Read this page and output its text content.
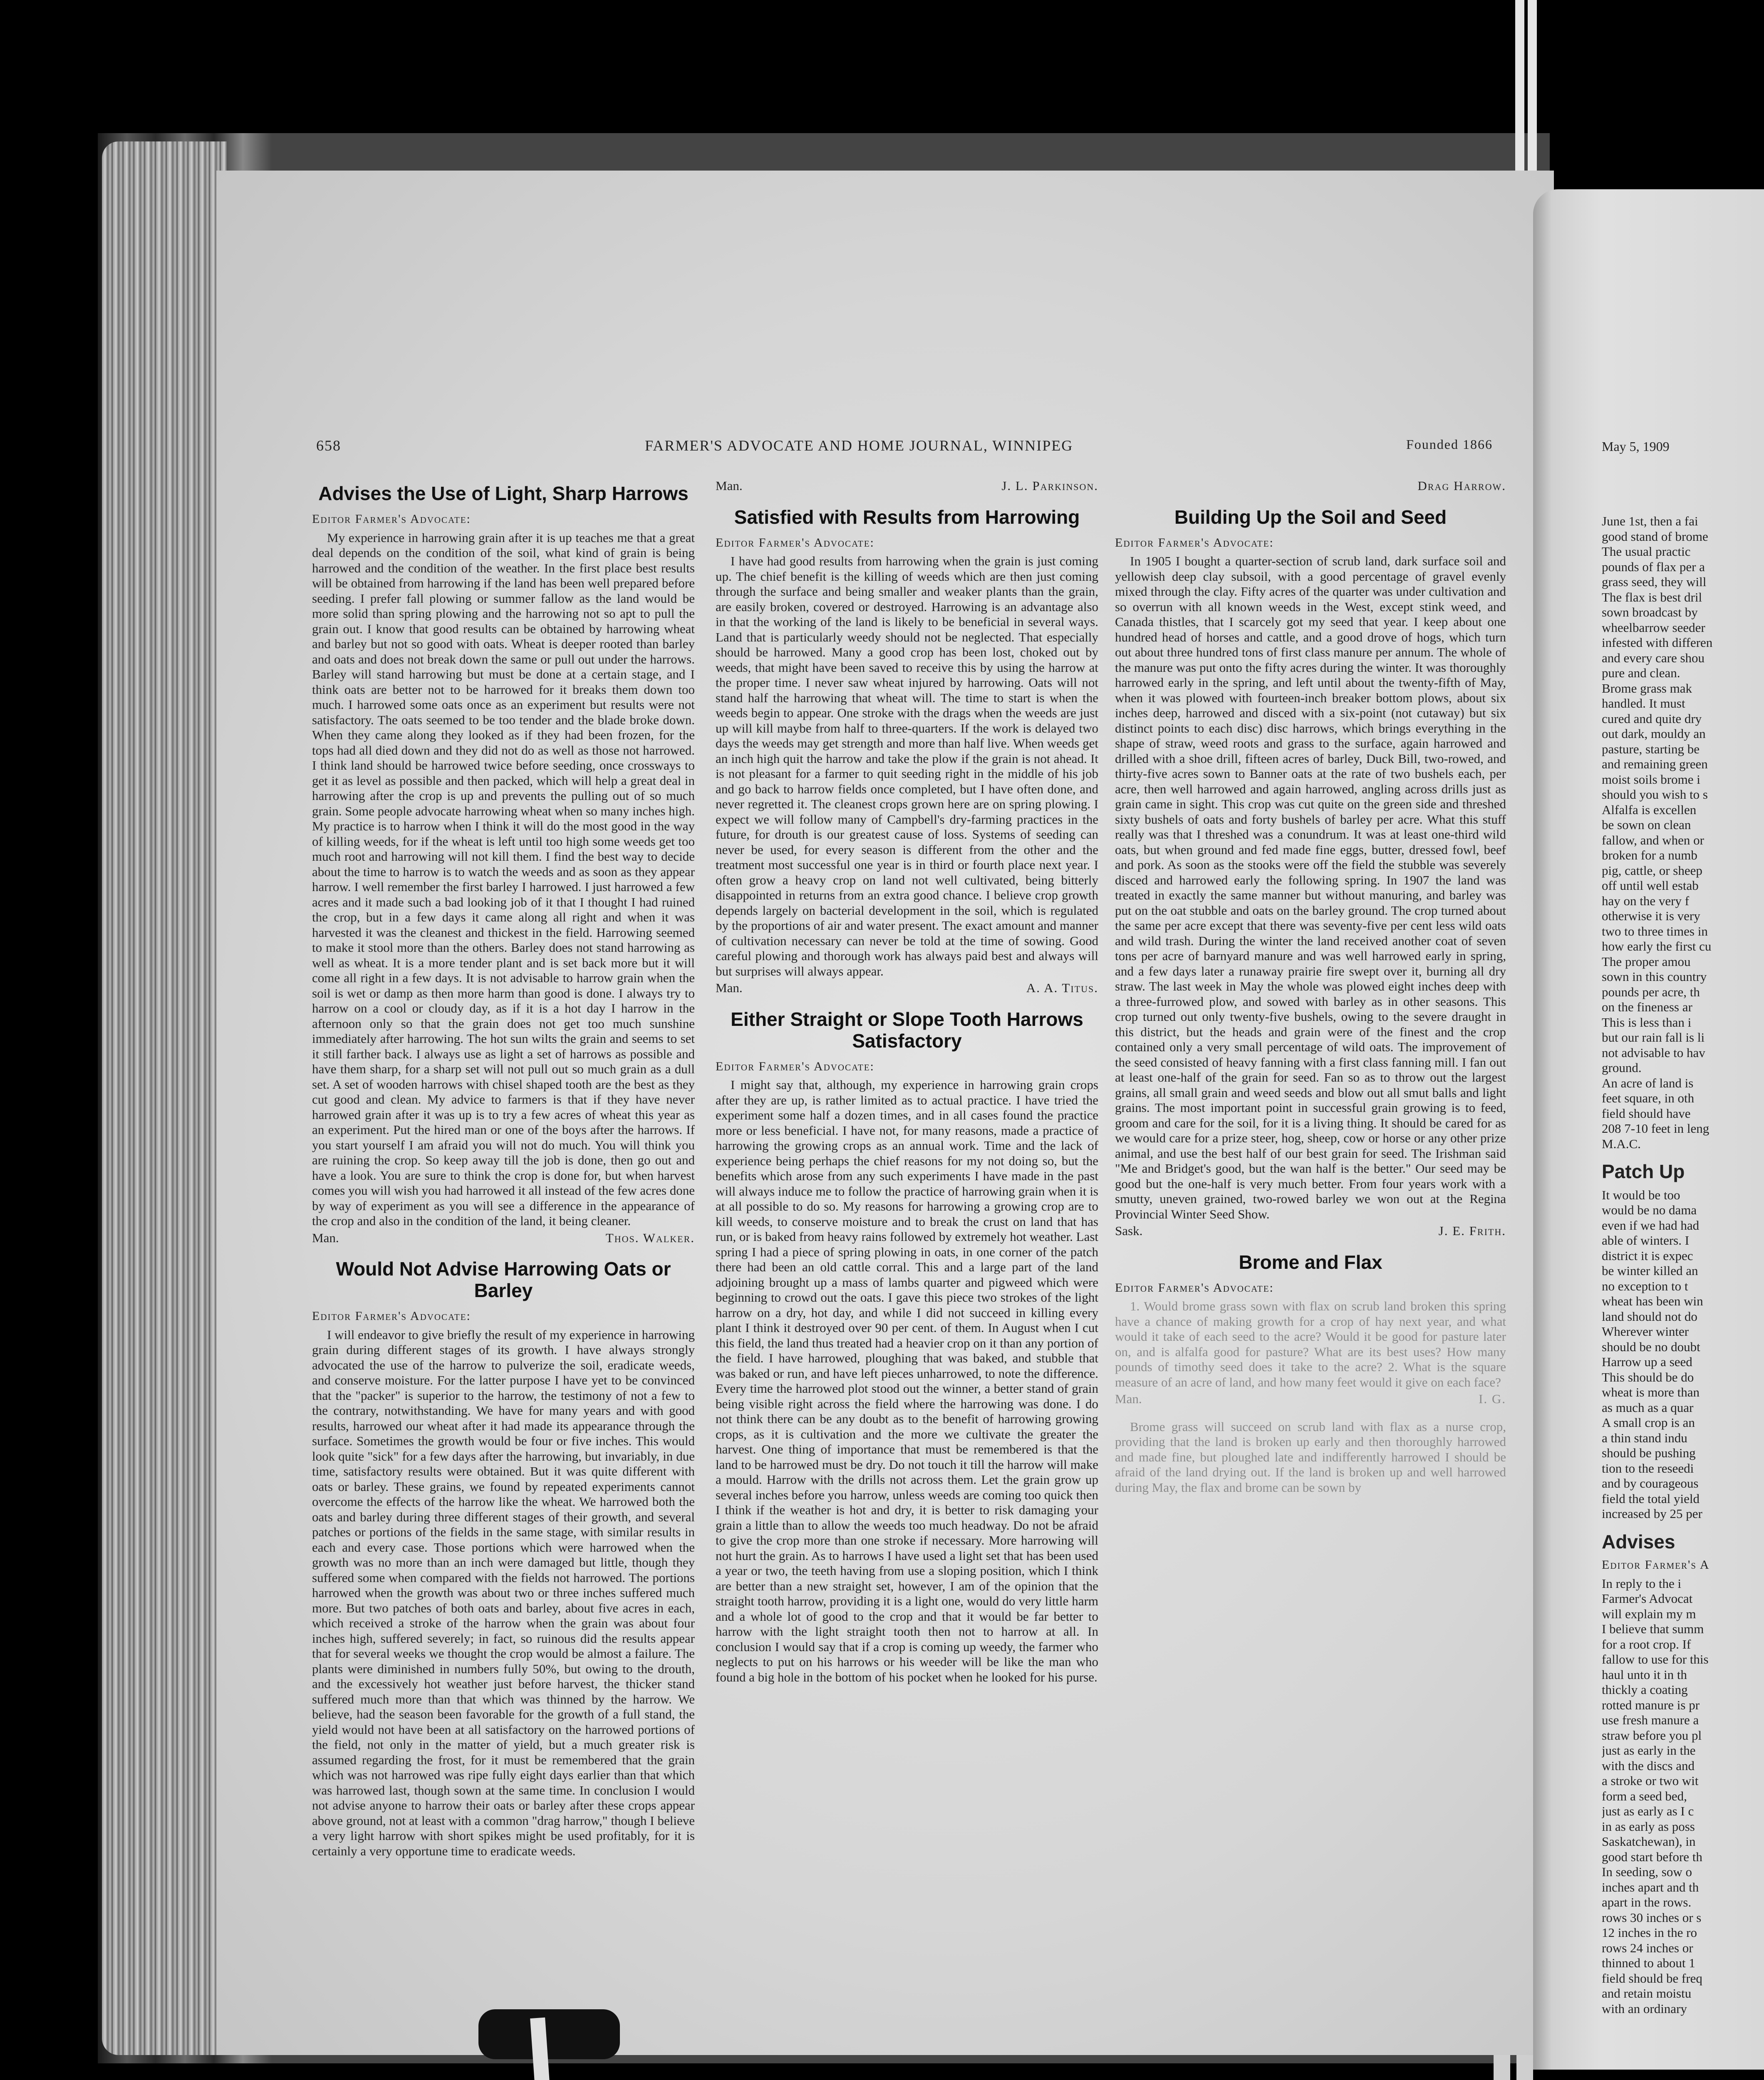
658	FARMER'S ADVOCATE AND HOME JOURNAL, WINNIPEG	Founded 1866
Advises the Use of Light, Sharp Harrows
Editor Farmer's Advocate:

My experience in harrowing grain after it is up teaches me that a great deal depends on the condition of the soil, what kind of grain is being harrowed and the condition of the weather. In the first place best results will be obtained from harrowing if the land has been well prepared before seeding. I prefer fall plowing or summer fallow as the land would be more solid than spring plowing and the harrowing not so apt to pull the grain out. I know that good results can be obtained by harrowing wheat and barley but not so good with oats. Wheat is deeper rooted than barley and oats and does not break down the same or pull out under the harrows. Barley will stand harrowing but must be done at a certain stage, and I think oats are better not to be harrowed for it breaks them down too much. I harrowed some oats once as an experiment but results were not satisfactory. The oats seemed to be too tender and the blade broke down. When they came along they looked as if they had been frozen, for the tops had all died down and they did not do as well as those not harrowed. I think land should be harrowed twice before seeding, once crossways to get it as level as possible and then packed, which will help a great deal in harrowing after the crop is up and prevents the pulling out of so much grain. Some people advocate harrowing wheat when so many inches high. My practice is to harrow when I think it will do the most good in the way of killing weeds, for if the wheat is left until too high some weeds get too much root and harrowing will not kill them. I find the best way to decide about the time to harrow is to watch the weeds and as soon as they appear harrow. I well remember the first barley I harrowed. I just harrowed a few acres and it made such a bad looking job of it that I thought I had ruined the crop, but in a few days it came along all right and when it was harvested it was the cleanest and thickest in the field. Harrowing seemed to make it stool more than the others. Barley does not stand harrowing as well as wheat. It is a more tender plant and is set back more but it will come all right in a few days. It is not advisable to harrow grain when the soil is wet or damp as then more harm than good is done. I always try to harrow on a cool or cloudy day, as if it is a hot day I harrow in the afternoon only so that the grain does not get too much sunshine immediately after harrowing. The hot sun wilts the grain and seems to set it still farther back. I always use as light a set of harrows as possible and have them sharp, for a sharp set will not pull out so much grain as a dull set. A set of wooden harrows with chisel shaped tooth are the best as they cut good and clean. My advice to farmers is that if they have never harrowed grain after it was up is to try a few acres of wheat this year as an experiment. Put the hired man or one of the boys after the harrows. If you start yourself I am afraid you will not do much. You will think you are ruining the crop. So keep away till the job is done, then go out and have a look. You are sure to think the crop is done for, but when harvest comes you will wish you had harrowed it all instead of the few acres done by way of experiment as you will see a difference in the appearance of the crop and also in the condition of the land, it being cleaner.

Man.	Thos. Walker.
Would Not Advise Harrowing Oats or Barley
Editor Farmer's Advocate:

I will endeavor to give briefly the result of my experience in harrowing grain during different stages of its growth. I have always strongly advocated the use of the harrow to pulverize the soil, eradicate weeds, and conserve moisture. For the latter purpose I have yet to be convinced that the "packer" is superior to the harrow, the testimony of not a few to the contrary, notwithstanding. We have for many years and with good results, harrowed our wheat after it had made its appearance through the surface. Sometimes the growth would be four or five inches. This would look quite "sick" for a few days after the harrowing, but invariably, in due time, satisfactory results were obtained. But it was quite different with oats or barley. These grains, we found by repeated experiments cannot overcome the effects of the harrow like the wheat. We harrowed both the oats and barley during three different stages of their growth, and several patches or portions of the fields in the same stage, with similar results in each and every case. Those portions which were harrowed when the growth was no more than an inch were damaged but little, though they suffered some when compared with the fields not harrowed. The portions harrowed when the growth was about two or three inches suffered much more. But two patches of both oats and barley, about five acres in each, which received a stroke of the harrow when the grain was about four inches high, suffered severely; in fact, so ruinous did the results appear that for several weeks we thought the crop would be almost a failure. The plants were diminished in numbers fully 50%, but owing to the drouth, and the excessively hot weather just before harvest, the thicker stand suffered much more than that which was thinned by the harrow. We believe, had the season been favorable for the growth of a full stand, the yield would not have been at all satisfactory on the harrowed portions of the field, not only in the matter of yield, but a much greater risk is assumed regarding the frost, for it must be remembered that the grain which was not harrowed was ripe fully eight days earlier than that which was harrowed last, though sown at the same time. In conclusion I would not advise anyone to harrow their oats or barley after these crops appear above ground, not at least with a common "drag harrow," though I believe a very light harrow with short spikes might be used profitably, for it is certainly a very opportune time to eradicate weeds.

Man.	J. L. Parkinson.
Satisfied with Results from Harrowing
Editor Farmer's Advocate:

I have had good results from harrowing when the grain is just coming up. The chief benefit is the killing of weeds which are then just coming through the surface and being smaller and weaker plants than the grain, are easily broken, covered or destroyed. Harrowing is an advantage also in that the working of the land is likely to be beneficial in several ways. Land that is particularly weedy should not be neglected. That especially should be harrowed. Many a good crop has been lost, choked out by weeds, that might have been saved to receive this by using the harrow at the proper time. I never saw wheat injured by harrowing. Oats will not stand half the harrowing that wheat will. The time to start is when the weeds begin to appear. One stroke with the drags when the weeds are just up will kill maybe from half to three-quarters. If the work is delayed two days the weeds may get strength and more than half live. When weeds get an inch high quit the harrow and take the plow if the grain is not ahead. It is not pleasant for a farmer to quit seeding right in the middle of his job and go back to harrow fields once completed, but I have often done, and never regretted it. The cleanest crops grown here are on spring plowing. I expect we will follow many of Campbell's dry-farming practices in the future, for drouth is our greatest cause of loss. Systems of seeding can never be used, for every season is different from the other and the treatment most successful one year is in third or fourth place next year. I often grow a heavy crop on land not well cultivated, being bitterly disappointed in returns from an extra good chance. I believe crop growth depends largely on bacterial development in the soil, which is regulated by the proportions of air and water present. The exact amount and manner of cultivation necessary can never be told at the time of sowing. Good careful plowing and thorough work has always paid best and always will but surprises will always appear.

Man.	A. A. Titus.
Either Straight or Slope Tooth Harrows Satisfactory
Editor Farmer's Advocate:

I might say that, although, my experience in harrowing grain crops after they are up, is rather limited as to actual practice. I have tried the experiment some half a dozen times, and in all cases found the practice more or less beneficial. I have not, for many reasons, made a practice of harrowing the growing crops as an annual work. Time and the lack of experience being perhaps the chief reasons for my not doing so, but the benefits which arose from any such experiments I have made in the past will always induce me to follow the practice of harrowing grain when it is at all possible to do so. My reasons for harrowing a growing crop are to kill weeds, to conserve moisture and to break the crust on land that has run, or is baked from heavy rains followed by extremely hot weather. Last spring I had a piece of spring plowing in oats, in one corner of the patch there had been an old cattle corral. This and a large part of the land adjoining brought up a mass of lambs quarter and pigweed which were beginning to crowd out the oats. I gave this piece two strokes of the light harrow on a dry, hot day, and while I did not succeed in killing every plant I think it destroyed over 90 per cent. of them. In August when I cut this field, the land thus treated had a heavier crop on it than any portion of the field. I have harrowed, ploughing that was baked, and stubble that was baked or run, and have left pieces unharrowed, to note the difference. Every time the harrowed plot stood out the winner, a better stand of grain being visible right across the field where the harrowing was done. I do not think there can be any doubt as to the benefit of harrowing growing crops, as it is cultivation and the more we cultivate the greater the harvest. One thing of importance that must be remembered is that the land to be harrowed must be dry. Do not touch it till the harrow will make a mould. Harrow with the drills not across them. Let the grain grow up several inches before you harrow, unless weeds are coming too quick then I think if the weather is hot and dry, it is better to risk damaging your grain a little than to allow the weeds too much headway. Do not be afraid to give the crop more than one stroke if necessary. More harrowing will not hurt the grain. As to harrows I have used a light set that has been used a year or two, the teeth having from use a sloping position, which I think are better than a new straight set, however, I am of the opinion that the straight tooth harrow, providing it is a light one, would do very little harm and a whole lot of good to the crop and that it would be far better to harrow with the light straight tooth then not to harrow at all. In conclusion I would say that if a crop is coming up weedy, the farmer who neglects to put on his harrows or his weeder will be like the man who found a big hole in the bottom of his pocket when he looked for his purse.

Drag Harrow.
Building Up the Soil and Seed
Editor Farmer's Advocate:

In 1905 I bought a quarter-section of scrub land, dark surface soil and yellowish deep clay subsoil, with a good percentage of gravel evenly mixed through the clay. Fifty acres of the quarter was under cultivation and so overrun with all known weeds in the West, except stink weed, and Canada thistles, that I scarcely got my seed that year. I keep about one hundred head of horses and cattle, and a good drove of hogs, which turn out about three hundred tons of first class manure per annum. The whole of the manure was put onto the fifty acres during the winter. It was thoroughly harrowed early in the spring, and left until about the twenty-fifth of May, when it was plowed with fourteen-inch breaker bottom plows, about six inches deep, harrowed and disced with a six-point (not cutaway) but six distinct points to each disc) disc harrows, which brings everything in the shape of straw, weed roots and grass to the surface, again harrowed and drilled with a shoe drill, fifteen acres of barley, Duck Bill, two-rowed, and thirty-five acres sown to Banner oats at the rate of two bushels each, per acre, then well harrowed and again harrowed, angling across drills just as grain came in sight. This crop was cut quite on the green side and threshed sixty bushels of oats and forty bushels of barley per acre. What this stuff really was that I threshed was a conundrum. It was at least one-third wild oats, but when ground and fed made fine eggs, butter, dressed fowl, beef and pork. As soon as the stooks were off the field the stubble was severely disced and harrowed early the following spring. In 1907 the land was treated in exactly the same manner but without manuring, and barley was put on the oat stubble and oats on the barley ground. The crop turned about the same per acre except that there was seventy-five per cent less wild oats and wild trash. During the winter the land received another coat of seven tons per acre of barnyard manure and was well harrowed early in spring, and a few days later a runaway prairie fire swept over it, burning all dry straw. The last week in May the whole was plowed eight inches deep with a three-furrowed plow, and sowed with barley as in other seasons. This crop turned out only twenty-five bushels, owing to the severe draught in this district, but the heads and grain were of the finest and the crop contained only a very small percentage of wild oats. The improvement of the seed consisted of heavy fanning with a first class fanning mill. I fan out at least one-half of the grain for seed. Fan so as to throw out the largest grains, all small grain and weed seeds and blow out all smut balls and light grains. The most important point in successful grain growing is to feed, groom and care for the soil, for it is a living thing. It should be cared for as we would care for a prize steer, hog, sheep, cow or horse or any other prize animal, and use the best half of our best grain for seed. The Irishman said "Me and Bridget's good, but the wan half is the better." Our seed may be good but the one-half is very much better. From four years work with a smutty, uneven grained, two-rowed barley we won out at the Regina Provincial Winter Seed Show.

Sask.	J. E. Frith.
Brome and Flax
Editor Farmer's Advocate:

1. Would brome grass sown with flax on scrub land broken this spring have a chance of making growth for a crop of hay next year, and what would it take of each seed to the acre? Would it be good for pasture later on, and is alfalfa good for pasture? What are its best uses? How many pounds of timothy seed does it take to the acre? 2. What is the square measure of an acre of land, and how many feet would it give on each face?

Man.	I. G.

Brome grass will succeed on scrub land with flax as a nurse crop, providing that the land is broken up early and then thoroughly harrowed and made fine, but ploughed late and indifferently harrowed I should be afraid of the land drying out. If the land is broken up and well harrowed during May, the flax and brome can be sown by

May 5, 1909
June 1st, then a fai
good stand of brome
The usual practic
pounds of flax per a
grass seed, they will
The flax is best dril
sown broadcast by
wheelbarrow seeder
infested with differen
and every care shou
pure and clean.
Brome grass mak
handled. It must
cured and quite dry
out dark, mouldy an
pasture, starting be
and remaining green
moist soils brome i
should you wish to s
Alfalfa is excellen
be sown on clean
fallow, and when or
broken for a numb
pig, cattle, or sheep
off until well estab
hay on the very f
otherwise it is very
two to three times in
how early the first cu
The proper amou
sown in this country
pounds per acre, th
on the fineness ar
This is less than i
but our rain fall is li
not advisable to hav
ground.
An acre of land is
feet square, in oth
field should have
208 7-10 feet in leng
M.A.C.
Patch Up
It would be too
would be no dama
even if we had had
able of winters. I
district it is expec
be winter killed an
no exception to t
wheat has been win
land should not do
Wherever winter
should be no doubt
Harrow up a seed
This should be do
wheat is more than
as much as a quar
A small crop is an
a thin stand indu
should be pushing
tion to the reseedi
and by courageous
field the total yield
increased by 25 per
Advises
Editor Farmer's A
In reply to the i
Farmer's Advocat
will explain my m
I believe that summ
for a root crop. If
fallow to use for this
haul unto it in th
thickly a coating
rotted manure is pr
use fresh manure a
straw before you pl
just as early in the
with the discs and
a stroke or two wit
form a seed bed,
just as early as I c
in as early as poss
Saskatchewan), in
good start before th
In seeding, sow o
inches apart and th
apart in the rows.
rows 30 inches or s
12 inches in the ro
rows 24 inches or
thinned to about 1
field should be freq
and retain moistu
with an ordinary
